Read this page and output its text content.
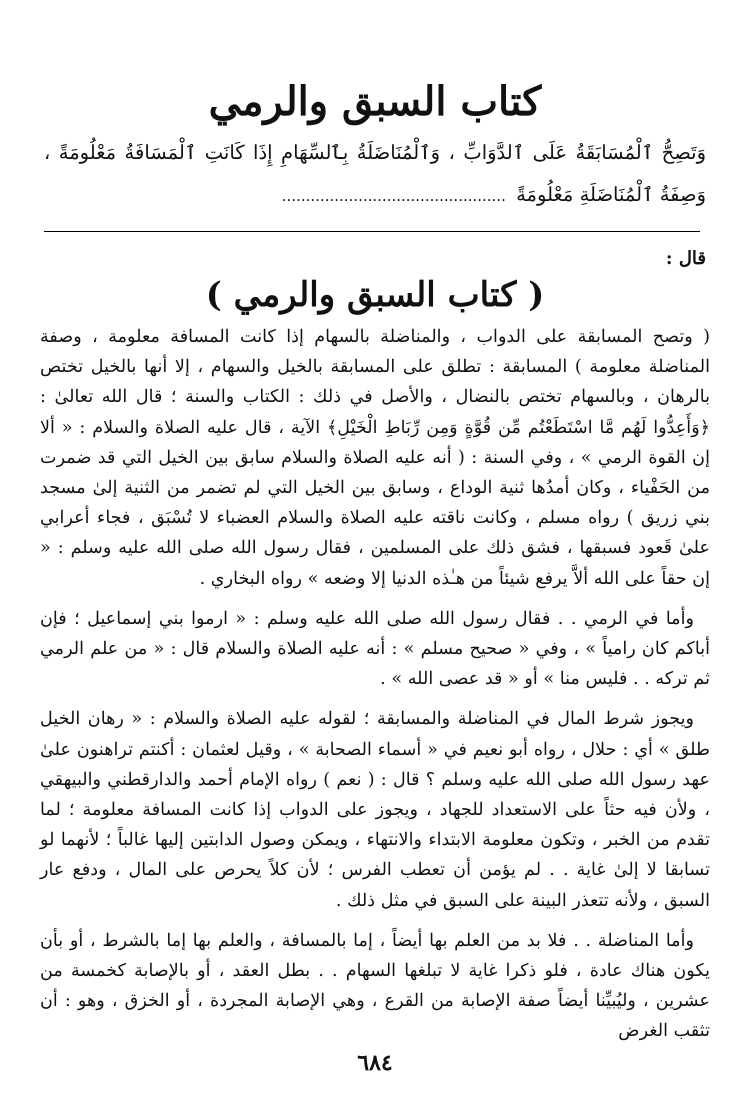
كتاب السبق والرمي
وَتَصِحُّ ٱلْمُسَابَقَةُ عَلَى ٱلدَّوَابِّ ، وَٱلْمُنَاضَلَةُ بِٱلسِّهَامِ إِذَا كَانَتِ ٱلْمَسَافَةُ مَعْلُومَةً ، وَصِفَةُ ٱلْمُنَاضَلَةِ مَعْلُومَةً ...............................................
قال :
( كتاب السبق والرمي )

( وتصح المسابقة على الدواب ، والمناضلة بالسهام إذا كانت المسافة معلومة ، وصفة المناضلة معلومة ) المسابقة : تطلق على المسابقة بالخيل والسهام ، إلا أنها بالخيل تختص بالرهان ، وبالسهام تختص بالنضال ، والأصل في ذلك : الكتاب والسنة ؛ قال الله تعالىٰ : ﴿وَأَعِدُّوا لَهُم مَّا اسْتَطَعْتُم مِّن قُوَّةٍ وَمِن رِّبَاطِ الْخَيْلِ﴾ الآية ، قال عليه الصلاة والسلام : « ألا إن القوة الرمي » ، وفي السنة : ( أنه عليه الصلاة والسلام سابق بين الخيل التي قد ضمرت من الحَفْياء ، وكان أمدُها ثنية الوداع ، وسابق بين الخيل التي لم تضمر من الثنية إلىٰ مسجد بني زريق ) رواه مسلم ، وكانت ناقته عليه الصلاة والسلام العضباء لا تُسْبَق ، فجاء أعرابي علىٰ قَعود فسبقها ، فشق ذلك على المسلمين ، فقال رسول الله صلى الله عليه وسلم : « إن حقاً على الله ألاَّ يرفع شيئاً من هـٰذه الدنيا إلا وضعه » رواه البخاري .

وأما في الرمي . . فقال رسول الله صلى الله عليه وسلم : « ارموا بني إسماعيل ؛ فإن أباكم كان رامياً » ، وفي « صحيح مسلم » : أنه عليه الصلاة والسلام قال : « من علم الرمي ثم تركه . . فليس منا » أو « قد عصى الله » .

ويجوز شرط المال في المناضلة والمسابقة ؛ لقوله عليه الصلاة والسلام : « رهان الخيل طلق » أي : حلال ، رواه أبو نعيم في « أسماء الصحابة » ، وقيل لعثمان : أكنتم تراهنون علىٰ عهد رسول الله صلى الله عليه وسلم ؟ قال : ( نعم ) رواه الإمام أحمد والدارقطني والبيهقي ، ولأن فيه حثاً على الاستعداد للجهاد ، ويجوز على الدواب إذا كانت المسافة معلومة ؛ لما تقدم من الخبر ، وتكون معلومة الابتداء والانتهاء ، ويمكن وصول الدابتين إليها غالباً ؛ لأنهما لو تسابقا لا إلىٰ غاية . . لم يؤمن أن تعطب الفرس ؛ لأن كلاً يحرص على المال ، ودفع عار السبق ، ولأنه تتعذر البينة على السبق في مثل ذلك .

وأما المناضلة . . فلا بد من العلم بها أيضاً ، إما بالمسافة ، والعلم بها إما بالشرط ، أو بأن يكون هناك عادة ، فلو ذكرا غاية لا تبلغها السهام . . بطل العقد ، أو بالإصابة كخمسة من عشرين ، وليُبيِّنا أيضاً صفة الإصابة من القرع ، وهي الإصابة المجردة ، أو الخزق ، وهو : أن تثقب الغرض

٦٨٤
